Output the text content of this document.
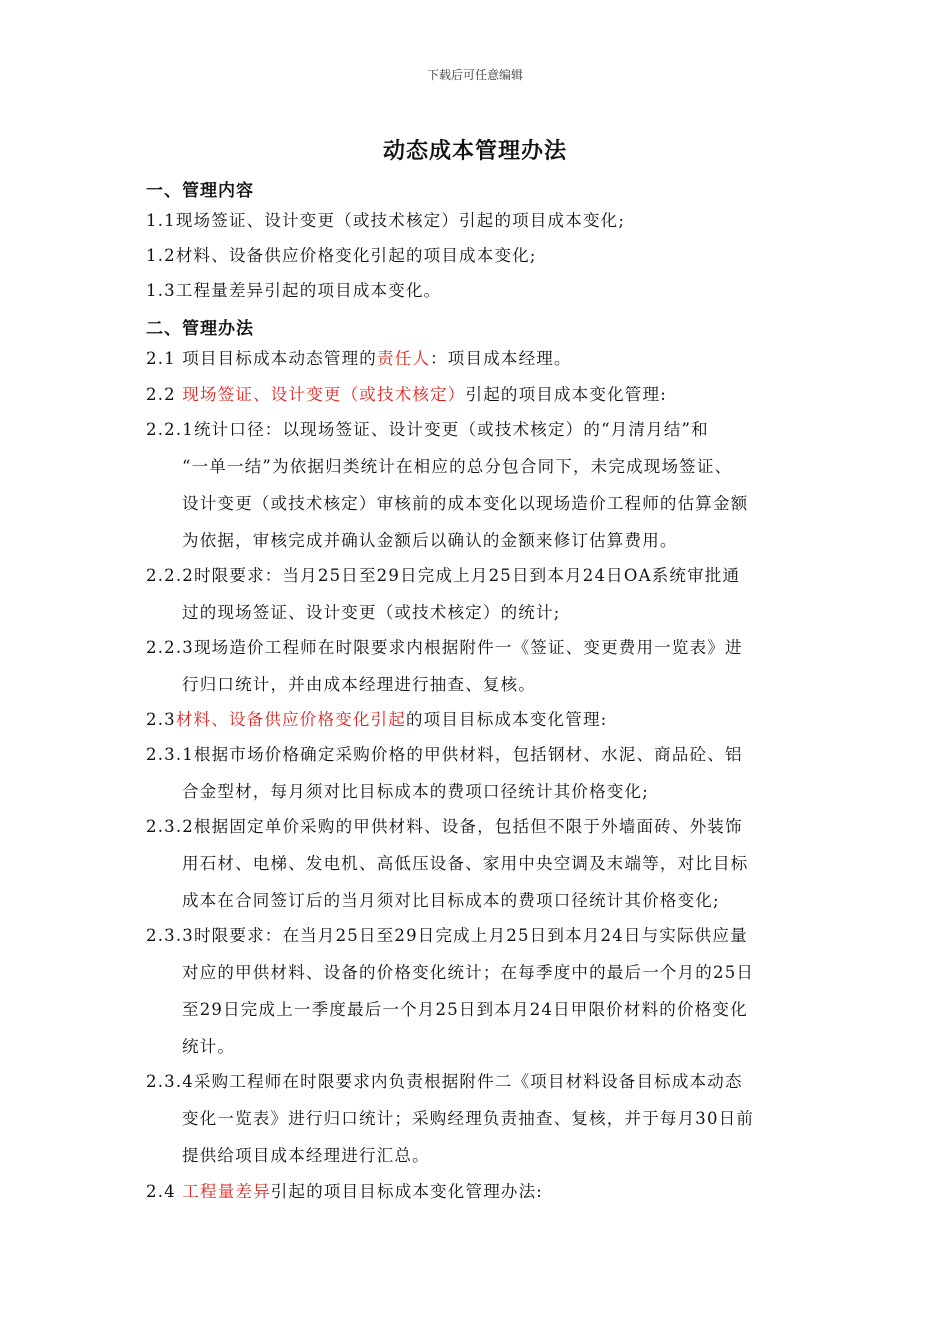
下载后可任意编辑
动态成本管理办法
一、管理内容
1.1现场签证、设计变更（或技术核定）引起的项目成本变化;
1.2材料、设备供应价格变化引起的项目成本变化;
1.3工程量差异引起的项目成本变化。
二、管理办法
2.1 项目目标成本动态管理的责任人：项目成本经理。
2.2 现场签证、设计变更（或技术核定）引起的项目成本变化管理:
2.2.1统计口径：以现场签证、设计变更（或技术核定）的“月清月结”和
“一单一结”为依据归类统计在相应的总分包合同下，未完成现场签证、
设计变更（或技术核定）审核前的成本变化以现场造价工程师的估算金额
为依据，审核完成并确认金额后以确认的金额来修订估算费用。
2.2.2时限要求：当月25日至29日完成上月25日到本月24日OA系统审批通
过的现场签证、设计变更（或技术核定）的统计;
2.2.3现场造价工程师在时限要求内根据附件一《签证、变更费用一览表》进
行归口统计，并由成本经理进行抽查、复核。
2.3材料、设备供应价格变化引起的项目目标成本变化管理:
2.3.1根据市场价格确定采购价格的甲供材料，包括钢材、水泥、商品砼、铝
合金型材，每月须对比目标成本的费项口径统计其价格变化;
2.3.2根据固定单价采购的甲供材料、设备，包括但不限于外墙面砖、外装饰
用石材、电梯、发电机、高低压设备、家用中央空调及末端等，对比目标
成本在合同签订后的当月须对比目标成本的费项口径统计其价格变化;
2.3.3时限要求：在当月25日至29日完成上月25日到本月24日与实际供应量
对应的甲供材料、设备的价格变化统计；在每季度中的最后一个月的25日
至29日完成上一季度最后一个月25日到本月24日甲限价材料的价格变化
统计。
2.3.4采购工程师在时限要求内负责根据附件二《项目材料设备目标成本动态
变化一览表》进行归口统计；采购经理负责抽查、复核，并于每月30日前
提供给项目成本经理进行汇总。
2.4 工程量差异引起的项目目标成本变化管理办法:
